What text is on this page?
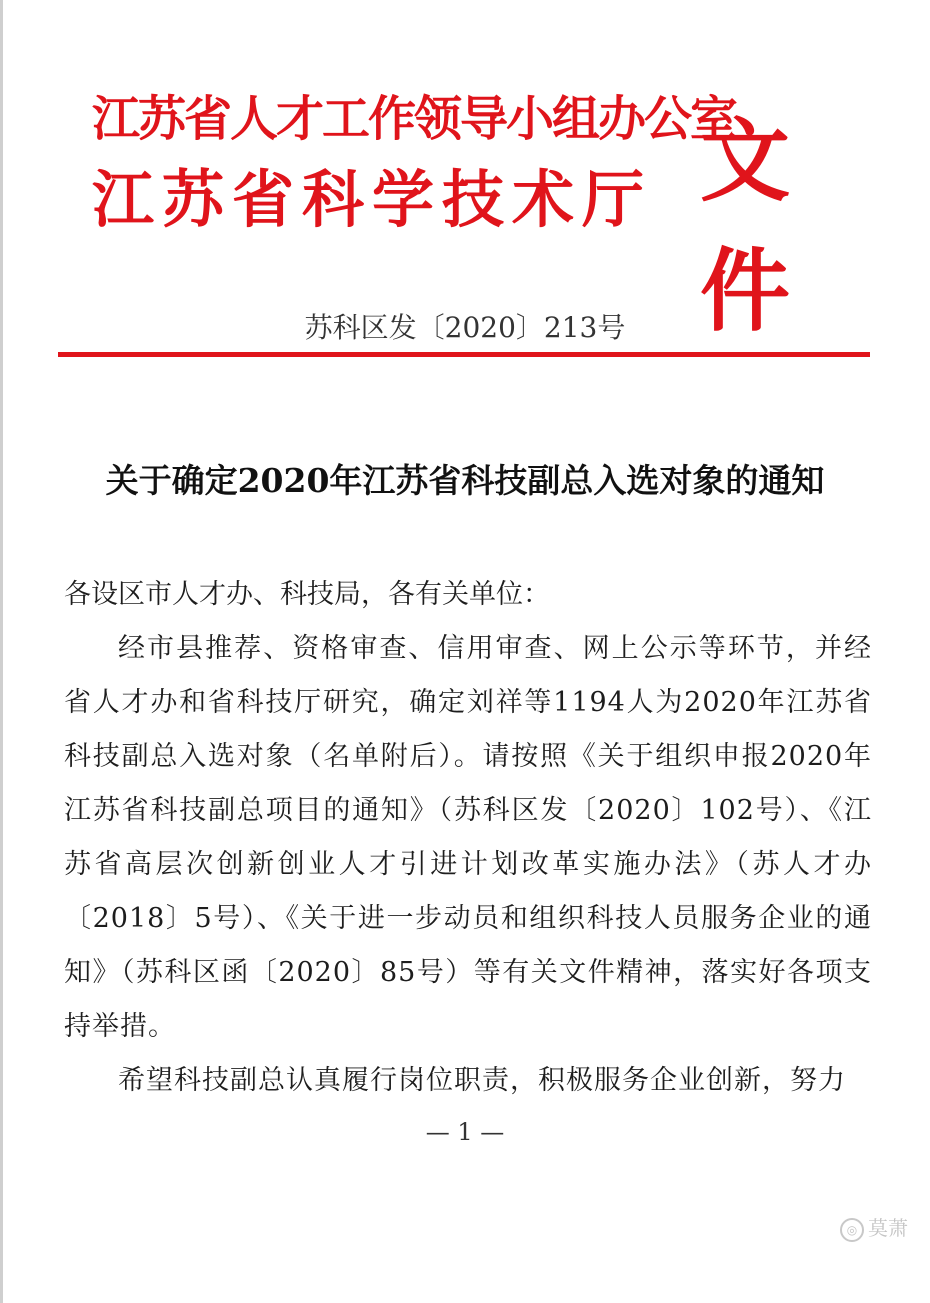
江苏省人才工作领导小组办公室
江苏省科学技术厅 文件
苏科区发〔2020〕213号
关于确定2020年江苏省科技副总入选对象的通知

各设区市人才办、科技局，各有关单位：

经市县推荐、资格审查、信用审查、网上公示等环节，并经省人才办和省科技厅研究，确定刘祥等1194人为2020年江苏省科技副总入选对象（名单附后）。请按照《关于组织申报2020年江苏省科技副总项目的通知》（苏科区发〔2020〕102号）、《江苏省高层次创新创业人才引进计划改革实施办法》（苏人才办〔2018〕5号）、《关于进一步动员和组织科技人员服务企业的通知》（苏科区函〔2020〕85号）等有关文件精神，落实好各项支持举措。

希望科技副总认真履行岗位职责，积极服务企业创新，努力

— 1 —
◎ 莫萧
